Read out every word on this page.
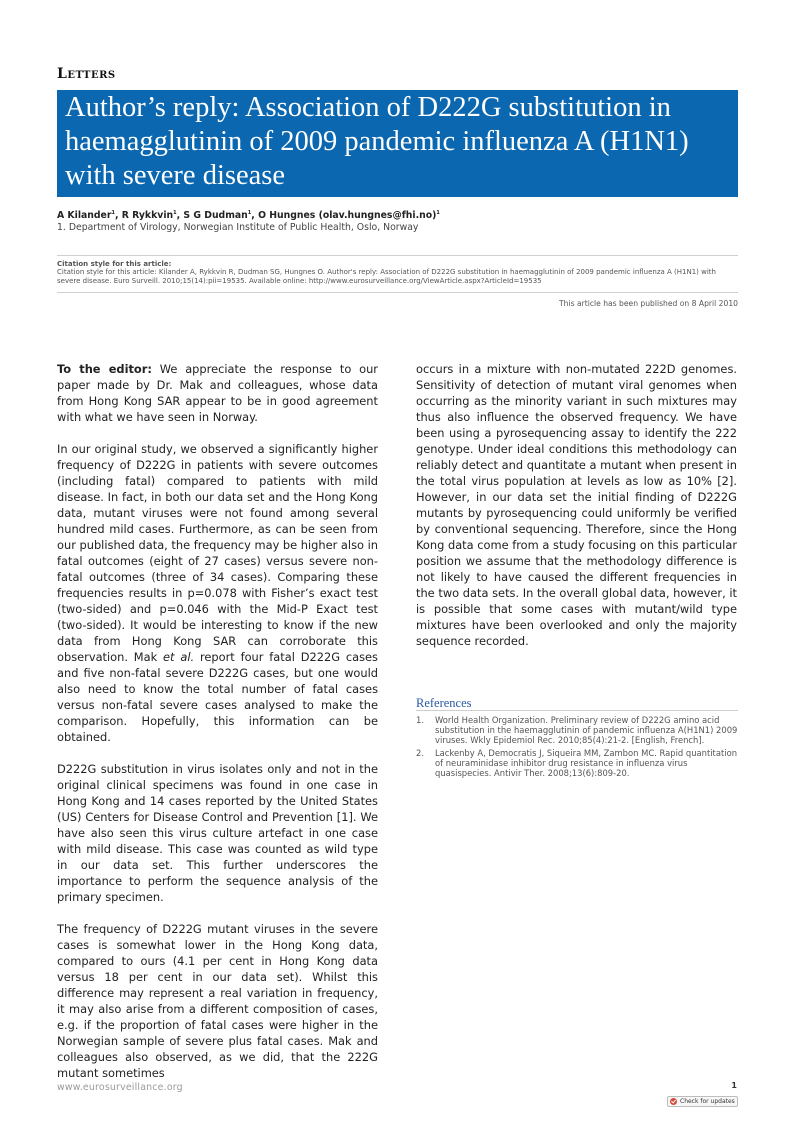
Letters
Author’s reply: Association of D222G substitution in
haemagglutinin of 2009 pandemic influenza A (H1N1)
with severe disease
A Kilander$^1$, R Rykkvin$^1$, S G Dudman$^1$, O Hungnes (olav.hungnes@fhi.no)$^1$
1. Department of Virology, Norwegian Institute of Public Health, Oslo, Norway
Citation style for this article:
Citation style for this article: Kilander A, Rykkvin R, Dudman SG, Hungnes O. Author's reply: Association of D222G substitution in haemagglutinin of 2009 pandemic influenza A (H1N1) with severe disease. Euro Surveill. 2010;15(14):pii=19535. Available online: http://www.eurosurveillance.org/ViewArticle.aspx?ArticleId=19535
This article has been published on 8 April 2010

To the editor: We appreciate the response to our paper made by Dr. Mak and colleagues, whose data from Hong Kong SAR appear to be in good agreement with what we have seen in Norway.

In our original study, we observed a significantly higher frequency of D222G in patients with severe outcomes (including fatal) compared to patients with mild disease. In fact, in both our data set and the Hong Kong data, mutant viruses were not found among several hundred mild cases. Furthermore, as can be seen from our published data, the frequency may be higher also in fatal outcomes (eight of 27 cases) versus severe non-fatal outcomes (three of 34 cases). Comparing these frequencies results in p=0.078 with Fisher’s exact test (two-sided) and p=0.046 with the Mid-P Exact test (two-sided). It would be interesting to know if the new data from Hong Kong SAR can corroborate this observation. Mak et al. report four fatal D222G cases and five non-fatal severe D222G cases, but one would also need to know the total number of fatal cases versus non-fatal severe cases analysed to make the comparison. Hopefully, this information can be obtained.

D222G substitution in virus isolates only and not in the original clinical specimens was found in one case in Hong Kong and 14 cases reported by the United States (US) Centers for Disease Control and Prevention [1]. We have also seen this virus culture artefact in one case with mild disease. This case was counted as wild type in our data set. This further underscores the importance to perform the sequence analysis of the primary specimen.

The frequency of D222G mutant viruses in the severe cases is somewhat lower in the Hong Kong data, compared to ours (4.1 per cent in Hong Kong data versus 18 per cent in our data set). Whilst this difference may represent a real variation in frequency, it may also arise from a different composition of cases, e.g. if the proportion of fatal cases were higher in the Norwegian sample of severe plus fatal cases. Mak and colleagues also observed, as we did, that the 222G mutant sometimes

occurs in a mixture with non-mutated 222D genomes. Sensitivity of detection of mutant viral genomes when occurring as the minority variant in such mixtures may thus also influence the observed frequency. We have been using a pyrosequencing assay to identify the 222 genotype. Under ideal conditions this methodology can reliably detect and quantitate a mutant when present in the total virus population at levels as low as 10% [2]. However, in our data set the initial finding of D222G mutants by pyrosequencing could uniformly be verified by conventional sequencing. Therefore, since the Hong Kong data come from a study focusing on this particular position we assume that the methodology difference is not likely to have caused the different frequencies in the two data sets. In the overall global data, however, it is possible that some cases with mutant/wild type mixtures have been overlooked and only the majority sequence recorded.

References
1. World Health Organization. Preliminary review of D222G amino acid substitution in the haemagglutinin of pandemic influenza A(H1N1) 2009 viruses. Wkly Epidemiol Rec. 2010;85(4):21-2. [English, French].
2. Lackenby A, Democratis J, Siqueira MM, Zambon MC. Rapid quantitation of neuraminidase inhibitor drug resistance in influenza virus quasispecies. Antivir Ther. 2008;13(6):809-20.
www.eurosurveillance.org	1
Check for updates
